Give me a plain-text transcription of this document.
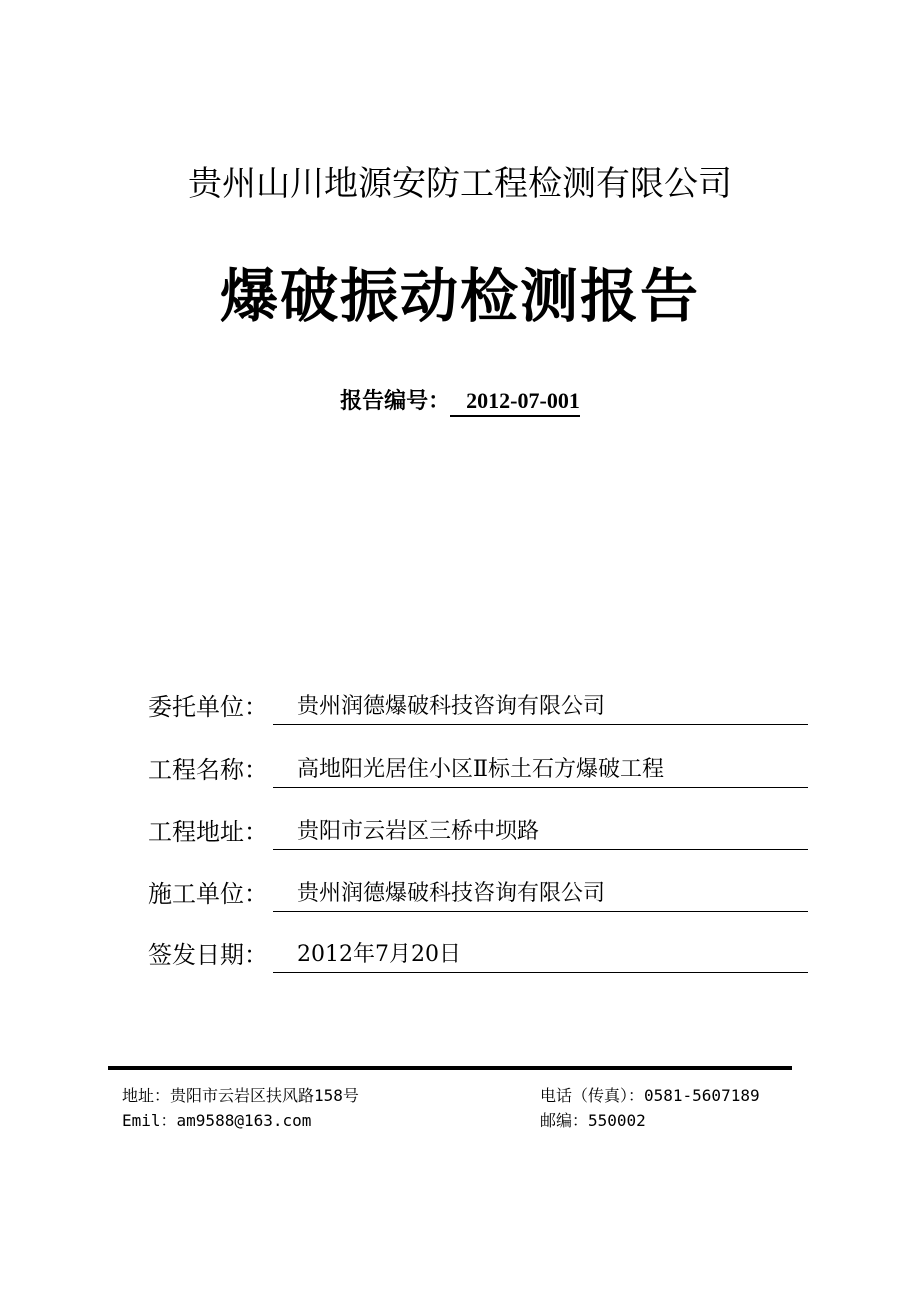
贵州山川地源安防工程检测有限公司
爆破振动检测报告
报告编号： 2012-07-001
委托单位：	贵州润德爆破科技咨询有限公司
工程名称：	高地阳光居住小区Ⅱ标土石方爆破工程
工程地址：	贵阳市云岩区三桥中坝路
施工单位：	贵州润德爆破科技咨询有限公司
签发日期：	2012年7月20日
地址：贵阳市云岩区扶风路158号	电话（传真）：0581-5607189
Emil：am9588@163.com	邮编：550002
